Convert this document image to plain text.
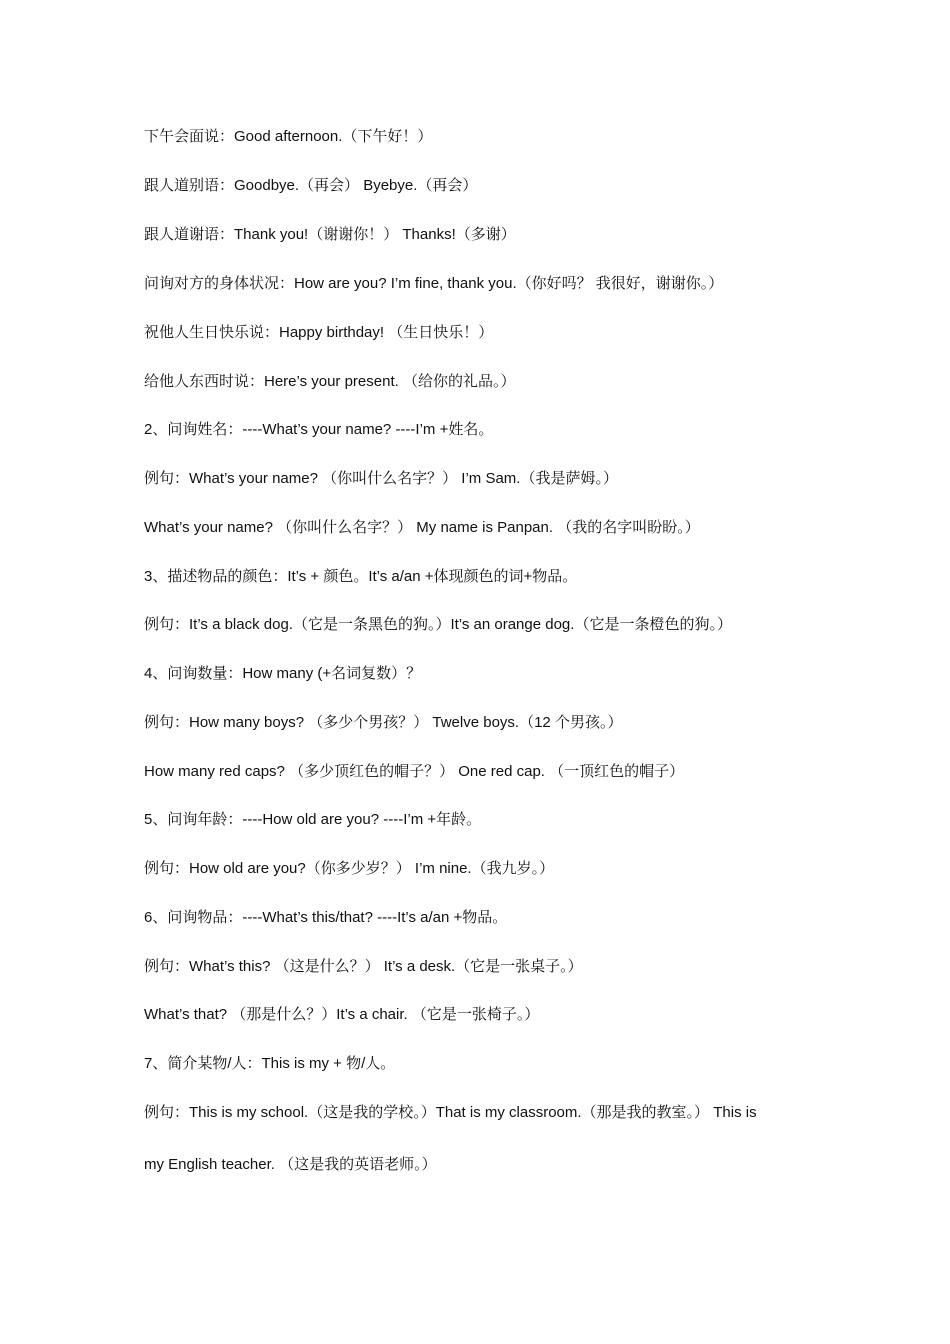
下午会面说：Good afternoon.（下午好！）
跟人道别语：Goodbye.（再会） Byebye.（再会）
跟人道谢语：Thank you!（谢谢你！） Thanks!（多谢）
问询对方的身体状况：How are you? I’m fine, thank you.（你好吗？ 我很好，谢谢你。）
祝他人生日快乐说：Happy birthday! （生日快乐！）
给他人东西时说：Here’s your present. （给你的礼品。）
2、问询姓名：----What’s your name? ----I’m +姓名。
例句：What’s your name? （你叫什么名字？） I’m Sam.（我是萨姆。）
What’s your name? （你叫什么名字？） My name is Panpan. （我的名字叫盼盼。）
3、描述物品的颜色：It’s + 颜色。It’s a/an +体现颜色的词+物品。
例句：It’s a black dog.（它是一条黑色的狗。）It’s an orange dog.（它是一条橙色的狗。）
4、问询数量：How many (+名词复数）？
例句：How many boys? （多少个男孩？） Twelve boys.（12 个男孩。）
How many red caps? （多少顶红色的帽子？） One red cap. （一顶红色的帽子）
5、问询年龄：----How old are you? ----I’m +年龄。
例句：How old are you?（你多少岁？） I’m nine.（我九岁。）
6、问询物品：----What’s this/that? ----It’s a/an +物品。
例句：What’s this? （这是什么？） It’s a desk.（它是一张桌子。）
What’s that? （那是什么？）It’s a chair. （它是一张椅子。）
7、简介某物/人：This is my + 物/人。
例句：This is my school.（这是我的学校。）That is my classroom.（那是我的教室。） This is
my English teacher. （这是我的英语老师。）
